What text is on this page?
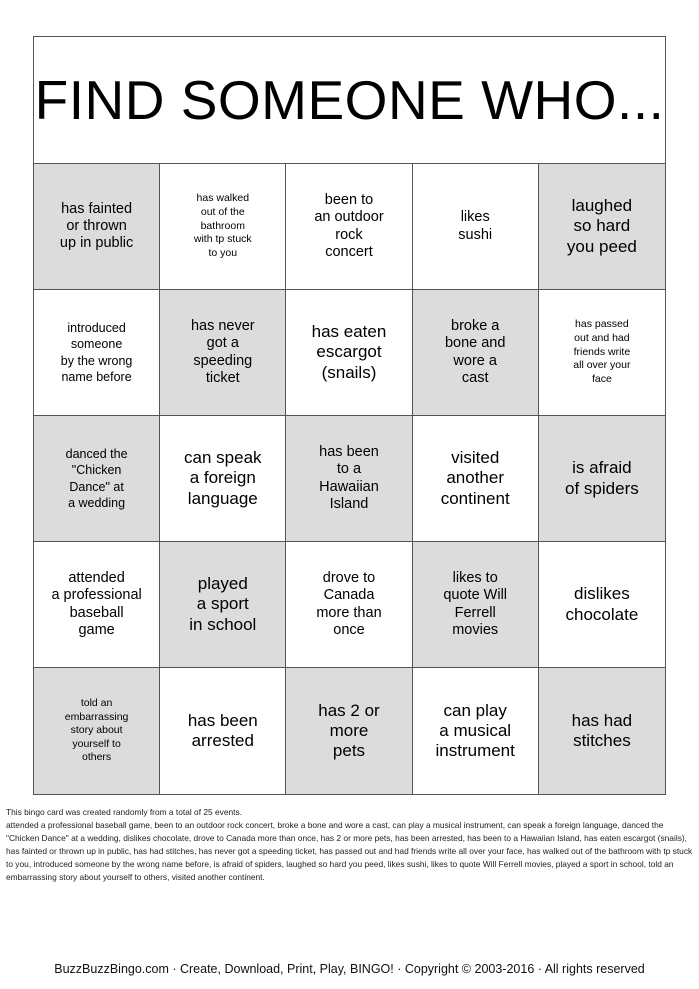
FIND SOMEONE WHO...
has fainted
or thrown
up in public
has walked
out of the
bathroom
with tp stuck
to you
been to
an outdoor
rock
concert
likes
sushi
laughed
so hard
you peed
introduced
someone
by the wrong
name before
has never
got a
speeding
ticket
has eaten
escargot
(snails)
broke a
bone and
wore a
cast
has passed
out and had
friends write
all over your
face
danced the
"Chicken
Dance" at
a wedding
can speak
a foreign
language
has been
to a
Hawaiian
Island
visited
another
continent
is afraid
of spiders
attended
a professional
baseball
game
played
a sport
in school
drove to
Canada
more than
once
likes to
quote Will
Ferrell
movies
dislikes
chocolate
told an
embarrassing
story about
yourself to
others
has been
arrested
has 2 or
more
pets
can play
a musical
instrument
has had
stitches

This bingo card was created randomly from a total of 25 events.

attended a professional baseball game, been to an outdoor rock concert, broke a bone and wore a cast, can play a musical instrument, can speak a foreign language, danced the "Chicken Dance" at a wedding, dislikes chocolate, drove to Canada more than once, has 2 or more pets, has been arrested, has been to a Hawaiian Island, has eaten escargot (snails), has fainted or thrown up in public, has had stitches, has never got a speeding ticket, has passed out and had friends write all over your face, has walked out of the bathroom with tp stuck to you, introduced someone by the wrong name before, is afraid of spiders, laughed so hard you peed, likes sushi, likes to quote Will Ferrell movies, played a sport in school, told an embarrassing story about yourself to others, visited another continent.

BuzzBuzzBingo.com · Create, Download, Print, Play, BINGO! · Copyright © 2003-2016 · All rights reserved
